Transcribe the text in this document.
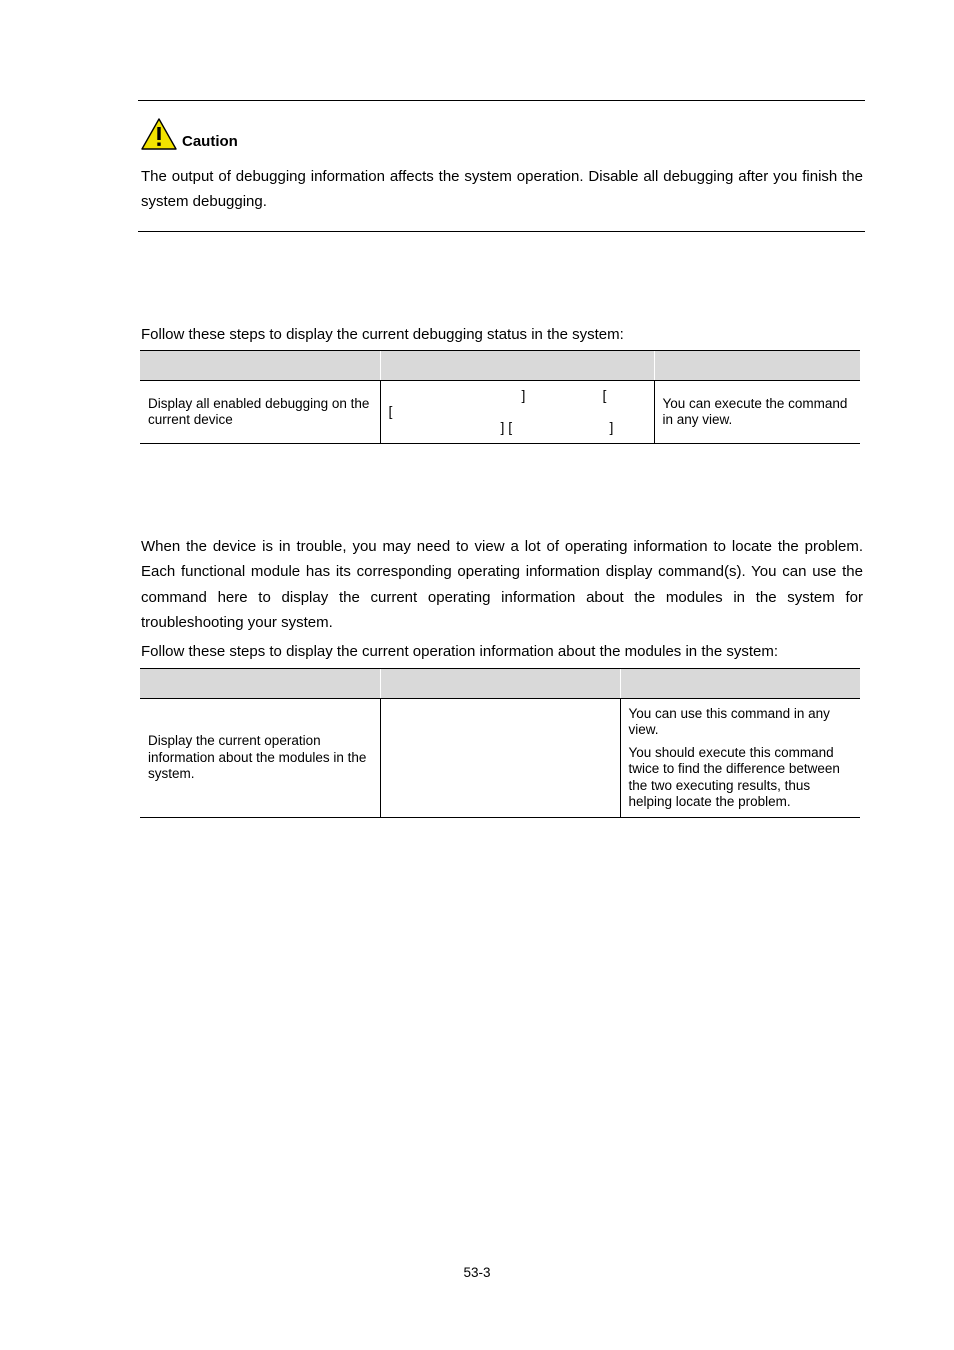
Caution
The output of debugging information affects the system operation. Disable all debugging after you finish the system debugging.
Follow these steps to display the current debugging status in the system:

Display all enabled debugging on the current device	[
] [
] [ ]	You can execute the command in any view.
When the device is in trouble, you may need to view a lot of operating information to locate the problem. Each functional module has its corresponding operating information display command(s). You can use the command here to display the current operating information about the modules in the system for troubleshooting your system.
Follow these steps to display the current operation information about the modules in the system:

Display the current operation information about the modules in the system.		You can use this command in any view.

You should execute this command twice to find the difference between the two executing results, thus helping locate the problem.

53-3
